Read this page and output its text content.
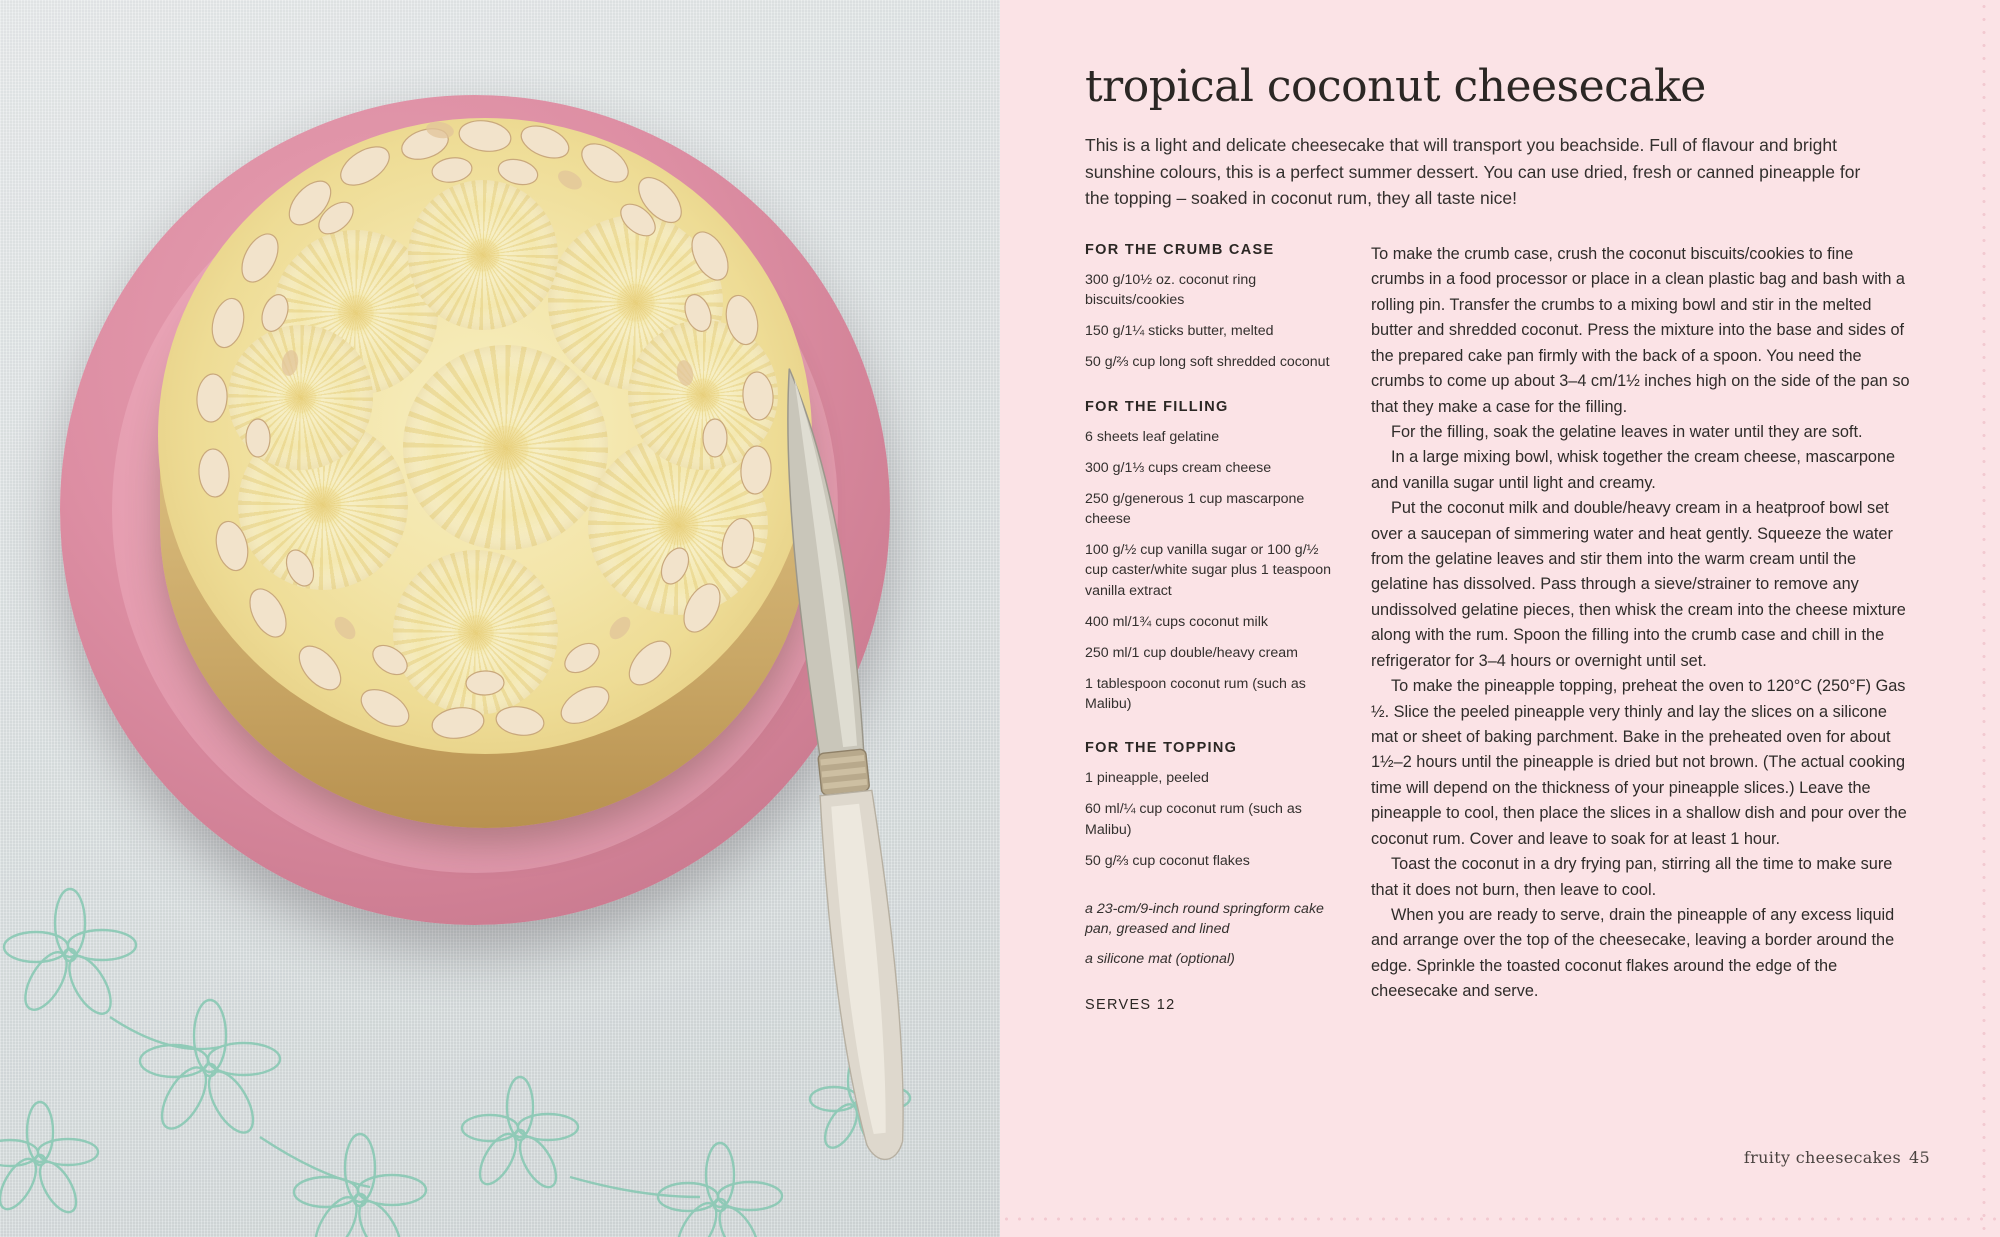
tropical coconut cheesecake

This is a light and delicate cheesecake that will transport you beachside. Full of flavour and bright sunshine colours, this is a perfect summer dessert. You can use dried, fresh or canned pineapple for the topping – soaked in coconut rum, they all taste nice!

FOR THE CRUMB CASE

300 g/10½ oz. coconut ring biscuits/cookies

150 g/1¼ sticks butter, melted

50 g/⅔ cup long soft shredded coconut

FOR THE FILLING

6 sheets leaf gelatine

300 g/1⅓ cups cream cheese

250 g/generous 1 cup mascarpone cheese

100 g/½ cup vanilla sugar or 100 g/½ cup caster/white sugar plus 1 teaspoon vanilla extract

400 ml/1¾ cups coconut milk

250 ml/1 cup double/heavy cream

1 tablespoon coconut rum (such as Malibu)

FOR THE TOPPING

1 pineapple, peeled

60 ml/¼ cup coconut rum (such as Malibu)

50 g/⅔ cup coconut flakes

a 23-cm/9-inch round springform cake pan, greased and lined

a silicone mat (optional)

SERVES 12

To make the crumb case, crush the coconut biscuits/cookies to fine crumbs in a food processor or place in a clean plastic bag and bash with a rolling pin. Transfer the crumbs to a mixing bowl and stir in the melted butter and shredded coconut. Press the mixture into the base and sides of the prepared cake pan firmly with the back of a spoon. You need the crumbs to come up about 3–4 cm/1½ inches high on the side of the pan so that they make a case for the filling.

For the filling, soak the gelatine leaves in water until they are soft.

In a large mixing bowl, whisk together the cream cheese, mascarpone and vanilla sugar until light and creamy.

Put the coconut milk and double/heavy cream in a heatproof bowl set over a saucepan of simmering water and heat gently. Squeeze the water from the gelatine leaves and stir them into the warm cream until the gelatine has dissolved. Pass through a sieve/strainer to remove any undissolved gelatine pieces, then whisk the cream into the cheese mixture along with the rum. Spoon the filling into the crumb case and chill in the refrigerator for 3–4 hours or overnight until set.

To make the pineapple topping, preheat the oven to 120°C (250°F) Gas ½. Slice the peeled pineapple very thinly and lay the slices on a silicone mat or sheet of baking parchment. Bake in the preheated oven for about 1½–2 hours until the pineapple is dried but not brown. (The actual cooking time will depend on the thickness of your pineapple slices.) Leave the pineapple to cool, then place the slices in a shallow dish and pour over the coconut rum. Cover and leave to soak for at least 1 hour.

Toast the coconut in a dry frying pan, stirring all the time to make sure that it does not burn, then leave to cool.

When you are ready to serve, drain the pineapple of any excess liquid and arrange over the top of the cheesecake, leaving a border around the edge. Sprinkle the toasted coconut flakes around the edge of the cheesecake and serve.

fruity cheesecakes 45
